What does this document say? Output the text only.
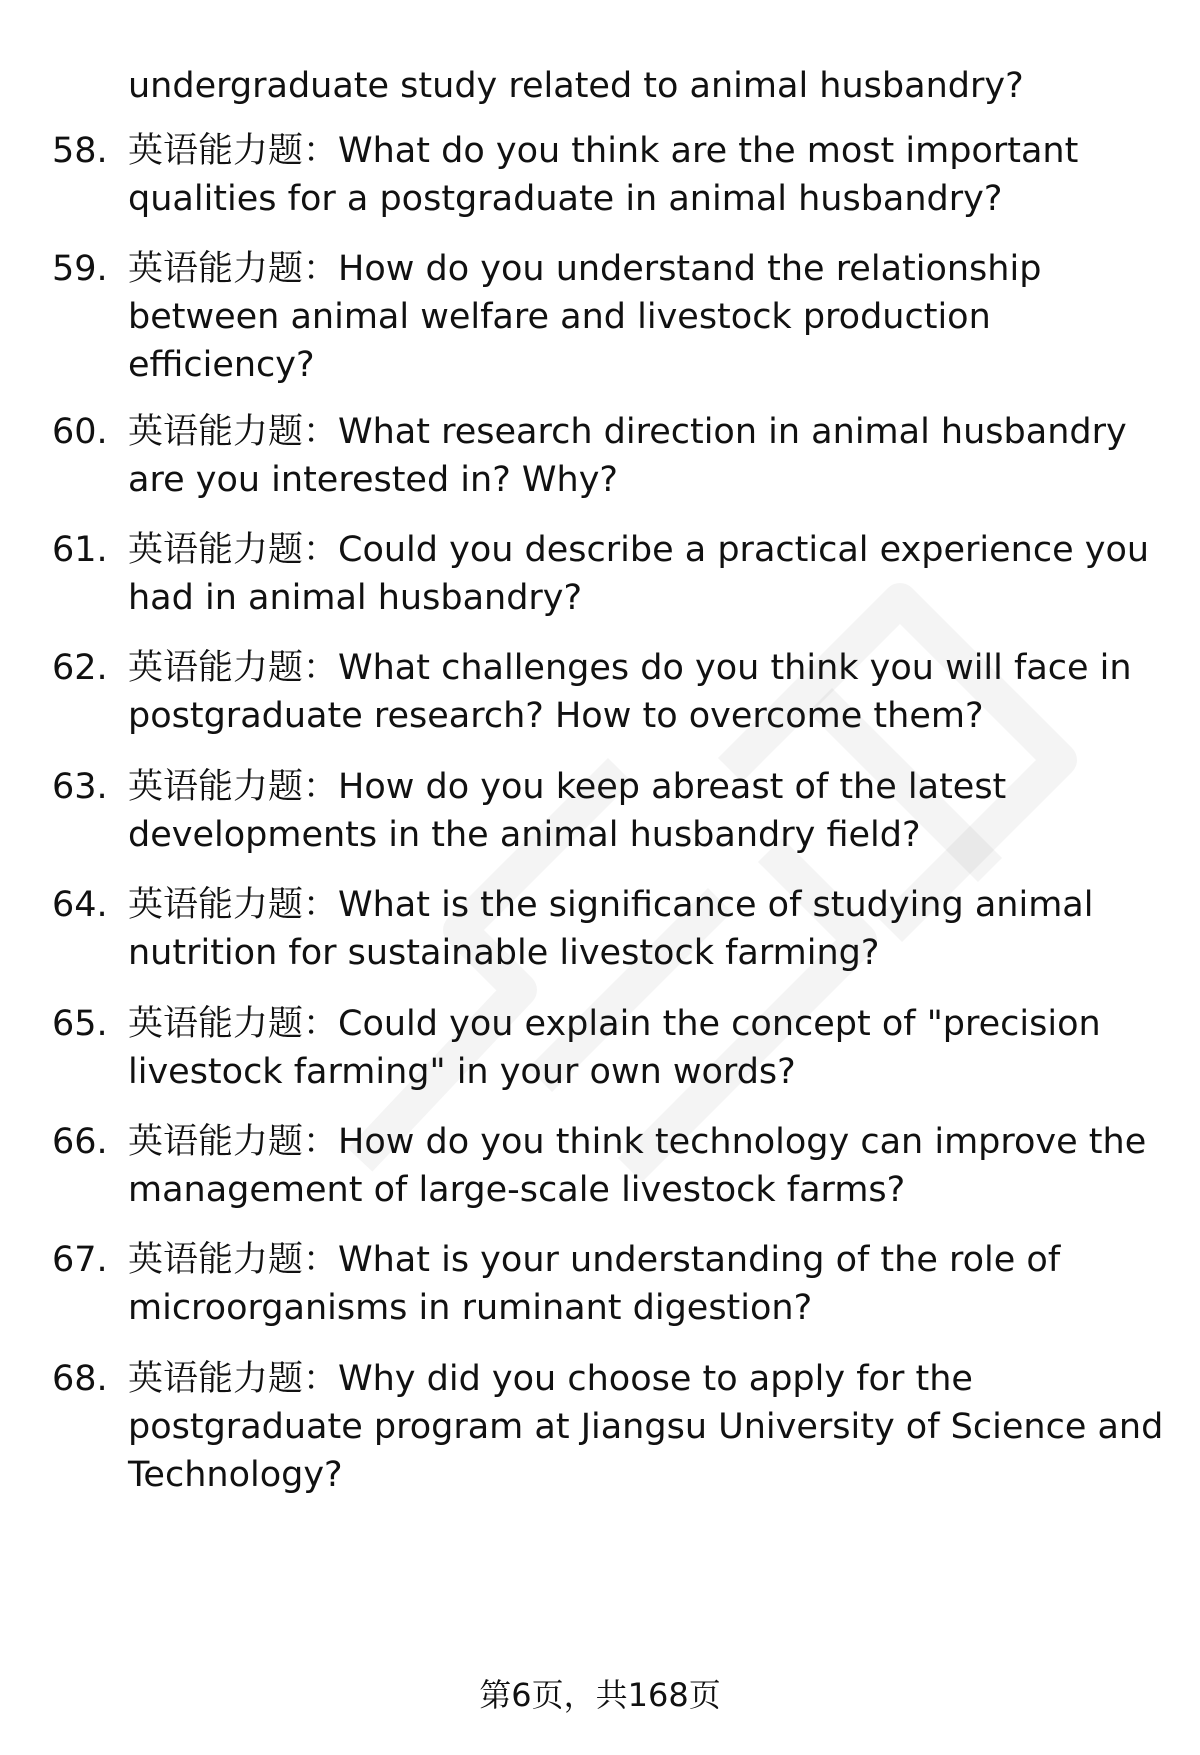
undergraduate study related to animal husbandry?
58. 英语能力题：What do you think are the most important
qualities for a postgraduate in animal husbandry?
59. 英语能力题：How do you understand the relationship
between animal welfare and livestock production
efficiency?
60. 英语能力题：What research direction in animal husbandry
are you interested in? Why?
61. 英语能力题：Could you describe a practical experience you
had in animal husbandry?
62. 英语能力题：What challenges do you think you will face in
postgraduate research? How to overcome them?
63. 英语能力题：How do you keep abreast of the latest
developments in the animal husbandry field?
64. 英语能力题：What is the significance of studying animal
nutrition for sustainable livestock farming?
65. 英语能力题：Could you explain the concept of "precision
livestock farming" in your own words?
66. 英语能力题：How do you think technology can improve the
management of large-scale livestock farms?
67. 英语能力题：What is your understanding of the role of
microorganisms in ruminant digestion?
68. 英语能力题：Why did you choose to apply for the
postgraduate program at Jiangsu University of Science and
Technology?
第6页，共168页
